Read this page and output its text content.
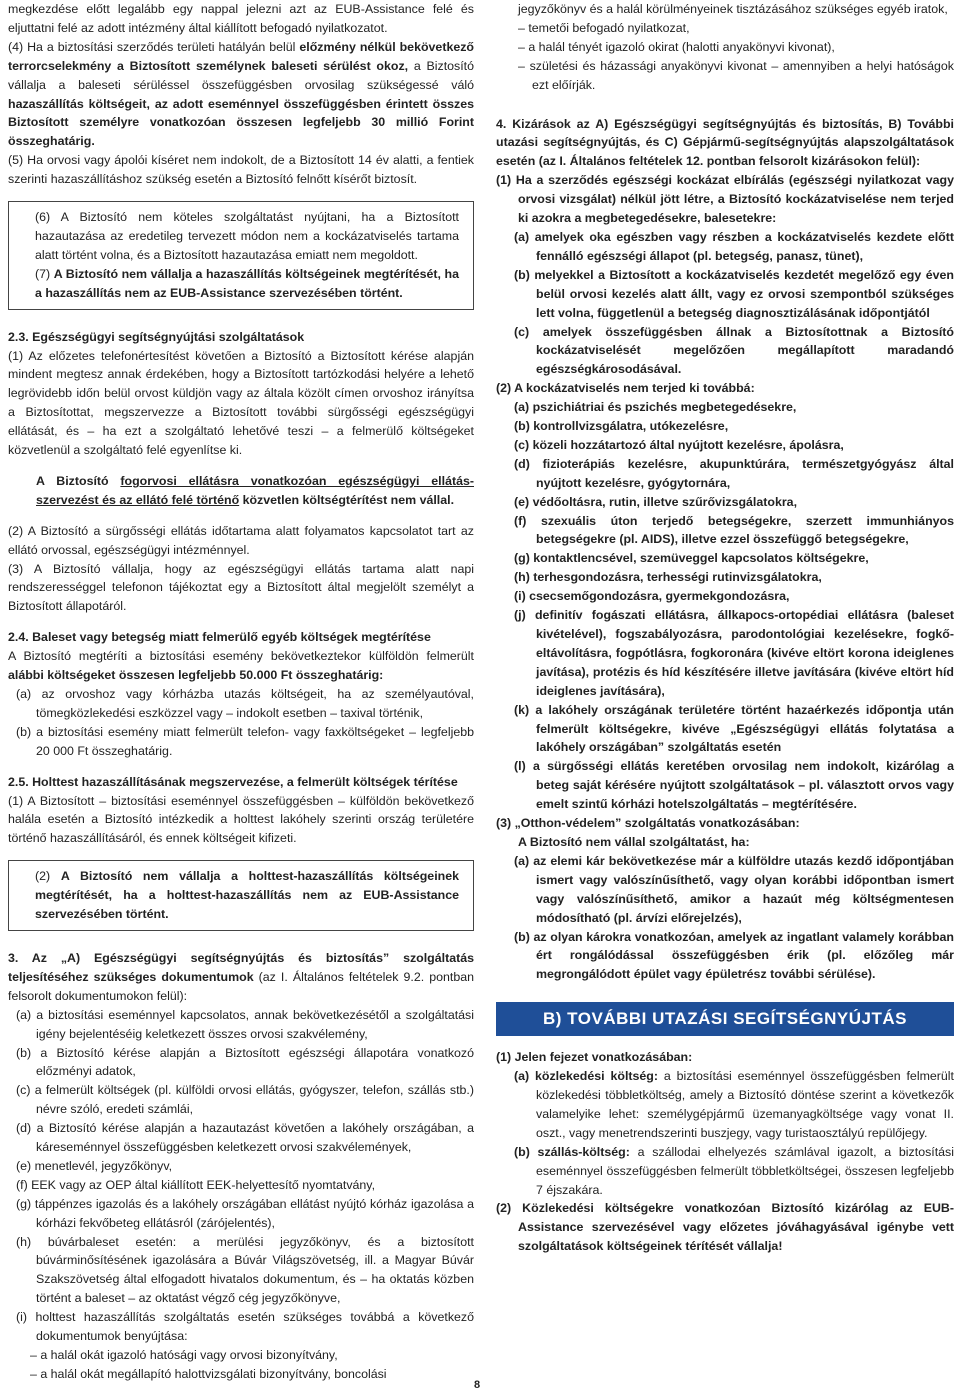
megkezdése előtt legalább egy nappal jelezni azt az EUB-Assistance felé és eljuttatni felé az adott intézmény által kiállított befogadó nyilatkozatot.

(4) Ha a biztosítási szerződés területi hatályán belül előzmény nélkül bekövetkező terrorcselekmény a Biztosított személynek baleseti sérülést okoz, a Biztosító vállalja a baleseti sérüléssel összefüggésben orvosilag szükségessé váló hazaszállítás költségeit, az adott eseménnyel összefüggésben érintett összes Biztosított személyre vonatkozóan összesen legfeljebb 30 millió Forint összeghatárig.

(5) Ha orvosi vagy ápolói kíséret nem indokolt, de a Biztosított 14 év alatti, a fentiek szerinti hazaszállításhoz szükség esetén a Biztosító felnőtt kísérőt biztosít.

(6) A Biztosító nem köteles szolgáltatást nyújtani, ha a Biztosított hazautazása az eredetileg tervezett módon nem a kockázatviselés tartama alatt történt volna, és a Biztosított hazautazása emiatt nem megoldott.

(7) A Biztosító nem vállalja a hazaszállítás költségeinek megtérítését, ha a hazaszállítás nem az EUB-Assistance szervezésében történt.

2.3. Egészségügyi segítségnyújtási szolgáltatások

(1) Az előzetes telefonértesítést követően a Biztosító a Biztosított kérése alapján mindent megtesz annak érdekében, hogy a Biztosított tartózkodási helyére a lehető legrövidebb időn belül orvost küldjön vagy az általa közölt címen orvoshoz irányítsa a Biztosítottat, megszervezze a Biztosított további sürgősségi egészségügyi ellátását, és – ha ezt a szolgáltató lehetővé teszi – a felmerülő költségeket közvetlenül a szolgáltató felé egyenlítse ki.

A Biztosító fogorvosi ellátásra vonatkozóan egészségügyi ellátás-szervezést és az ellátó felé történő közvetlen költségtérítést nem vállal.

(2) A Biztosító a sürgősségi ellátás időtartama alatt folyamatos kapcsolatot tart az ellátó orvossal, egészségügyi intézménnyel.

(3) A Biztosító vállalja, hogy az egészségügyi ellátás tartama alatt napi rendszerességgel telefonon tájékoztat egy a Biztosított által megjelölt személyt a Biztosított állapotáról.

2.4. Baleset vagy betegség miatt felmerülő egyéb költségek megtérítése

A Biztosító megtéríti a biztosítási esemény bekövetkeztekor külföldön felmerült alábbi költségeket összesen legfeljebb 50.000 Ft összeghatárig:

(a) az orvoshoz vagy kórházba utazás költségeit, ha az személyautóval, tömegközlekedési eszközzel vagy – indokolt esetben – taxival történik,

(b) a biztosítási esemény miatt felmerült telefon- vagy faxköltségeket – legfeljebb 20 000 Ft összeghatárig.

2.5. Holttest hazaszállításának megszervezése, a felmerült költségek térítése

(1) A Biztosított – biztosítási eseménnyel összefüggésben – külföldön bekövetkező halála esetén a Biztosító intézkedik a holttest lakóhely szerinti ország területére történő hazaszállításáról, és ennek költségeit kifizeti.

(2) A Biztosító nem vállalja a holttest-hazaszállítás költségeinek megtérítését, ha a holttest-hazaszállítás nem az EUB-Assistance szervezésében történt.

3. Az „A) Egészségügyi segítségnyújtás és biztosítás” szolgáltatás teljesítéséhez szükséges dokumentumok (az I. Általános feltételek 9.2. pontban felsorolt dokumentumokon felül):

(a) a biztosítási eseménnyel kapcsolatos, annak bekövetkezésétől a szolgáltatási igény bejelentéséig keletkezett összes orvosi szakvélemény,

(b) a Biztosító kérése alapján a Biztosított egészségi állapotára vonatkozó előzményi adatok,

(c) a felmerült költségek (pl. külföldi orvosi ellátás, gyógyszer, telefon, szállás stb.) névre szóló, eredeti számlái,

(d) a Biztosító kérése alapján a hazautazást követően a lakóhely országában, a káreseménnyel összefüggésben keletkezett orvosi szakvélemények,

(e) menetlevél, jegyzőkönyv,

(f) EEK vagy az OEP által kiállított EEK-helyettesítő nyomtatvány,

(g) táppénzes igazolás és a lakóhely országában ellátást nyújtó kórház igazolása a kórházi fekvőbeteg ellátásról (zárójelentés),

(h) búvárbaleset esetén: a merülési jegyzőkönyv, és a biztosított búvárminősítésének igazolására a Búvár Világszövetség, ill. a Magyar Búvár Szakszövetség által elfogadott hivatalos dokumentum, és – ha oktatás közben történt a baleset – az oktatást végző cég jegyzőkönyve,

(i) holttest hazaszállítás szolgáltatás esetén szükséges továbbá a következő dokumentumok benyújtása:

– a halál okát igazoló hatósági vagy orvosi bizonyítvány,

– a halál okát megállapító halottvizsgálati bizonyítvány, boncolási

jegyzőkönyv és a halál körülményeinek tisztázásához szükséges egyéb iratok,

– temetői befogadó nyilatkozat,

– a halál tényét igazoló okirat (halotti anyakönyvi kivonat),

– születési és házassági anyakönyvi kivonat – amennyiben a helyi hatóságok ezt előírják.

4. Kizárások az A) Egészségügyi segítségnyújtás és biztosítás, B) További utazási segítségnyújtás, és C) Gépjármű-segítségnyújtás alapszolgáltatások esetén (az I. Általános feltételek 12. pontban felsorolt kizárásokon felül):

(1) Ha a szerződés egészségi kockázat elbírálás (egészségi nyilatkozat vagy orvosi vizsgálat) nélkül jött létre, a Biztosító kockázatviselése nem terjed ki azokra a megbetegedésekre, balesetekre:

(a) amelyek oka egészben vagy részben a kockázatviselés kezdete előtt fennálló egészségi állapot (pl. betegség, panasz, tünet),

(b) melyekkel a Biztosított a kockázatviselés kezdetét megelőző egy éven belül orvosi kezelés alatt állt, vagy ez orvosi szempontból szükséges lett volna, függetlenül a betegség diagnosztizálásának időpontjától

(c) amelyek összefüggésben állnak a Biztosítottnak a Biztosító kockázatviselését megelőzően megállapított maradandó egészségkárosodásával.

(2) A kockázatviselés nem terjed ki továbbá:

(a) pszichiátriai és pszichés megbetegedésekre,

(b) kontrollvizsgálatra, utókezelésre,

(c) közeli hozzátartozó által nyújtott kezelésre, ápolásra,

(d) fizioterápiás kezelésre, akupunktúrára, természetgyógyász által nyújtott kezelésre, gyógytornára,

(e) védőoltásra, rutin, illetve szűrővizsgálatokra,

(f) szexuális úton terjedő betegségekre, szerzett immunhiányos betegségekre (pl. AIDS), illetve ezzel összefüggő betegségekre,

(g) kontaktlencsével, szemüveggel kapcsolatos költségekre,

(h) terhesgondozásra, terhességi rutinvizsgálatokra,

(i) csecsemőgondozásra, gyermekgondozásra,

(j) definitív fogászati ellátásra, állkapocs-ortopédiai ellátásra (baleset kivételével), fogszabályozásra, parodontológiai kezelésekre, fogkő-eltávolításra, fogpótlásra, fogkoronára (kivéve eltört korona ideiglenes javítása), protézis és híd készítésére illetve javítására (kivéve eltört híd ideiglenes javítására),

(k) a lakóhely országának területére történt hazaérkezés időpontja után felmerült költségekre, kivéve „Egészségügyi ellátás folytatása a lakóhely országában” szolgáltatás esetén

(l) a sürgősségi ellátás keretében orvosilag nem indokolt, kizárólag a beteg saját kérésére nyújtott szolgáltatások – pl. választott orvos vagy emelt szintű kórházi hotelszolgáltatás – megtérítésére.

(3) „Otthon-védelem” szolgáltatás vonatkozásában:

A Biztosító nem vállal szolgáltatást, ha:

(a) az elemi kár bekövetkezése már a külföldre utazás kezdő időpontjában ismert vagy valószínűsíthető, vagy olyan korábbi időpontban ismert vagy valószínűsíthető, amikor a hazaút még költségmentesen módosítható (pl. árvízi előrejelzés),

(b) az olyan károkra vonatkozóan, amelyek az ingatlant valamely korábban ért rongálódással összefüggésben érik (pl. előzőleg már megrongálódott épület vagy épületrész további sérülése).

B) TOVÁBBI UTAZÁSI SEGÍTSÉGNYÚJTÁS

(1) Jelen fejezet vonatkozásában:

(a) közlekedési költség: a biztosítási eseménnyel összefüggésben felmerült közlekedési többletköltség, amely a Biztosító döntése szerint a következők valamelyike lehet: személygépjármű üzemanyagköltsége vagy vonat II. oszt., vagy menetrendszerinti buszjegy, vagy turistaosztályú repülőjegy.

(b) szállás-költség: a szállodai elhelyezés számlával igazolt, a biztosítási eseménnyel összefüggésben felmerült többletköltségei, összesen legfeljebb 7 éjszakára.

(2) Közlekedési költségekre vonatkozóan Biztosító kizárólag az EUB-Assistance szervezésével vagy előzetes jóváhagyásával igénybe vett szolgáltatások költségeinek térítését vállalja!

8
